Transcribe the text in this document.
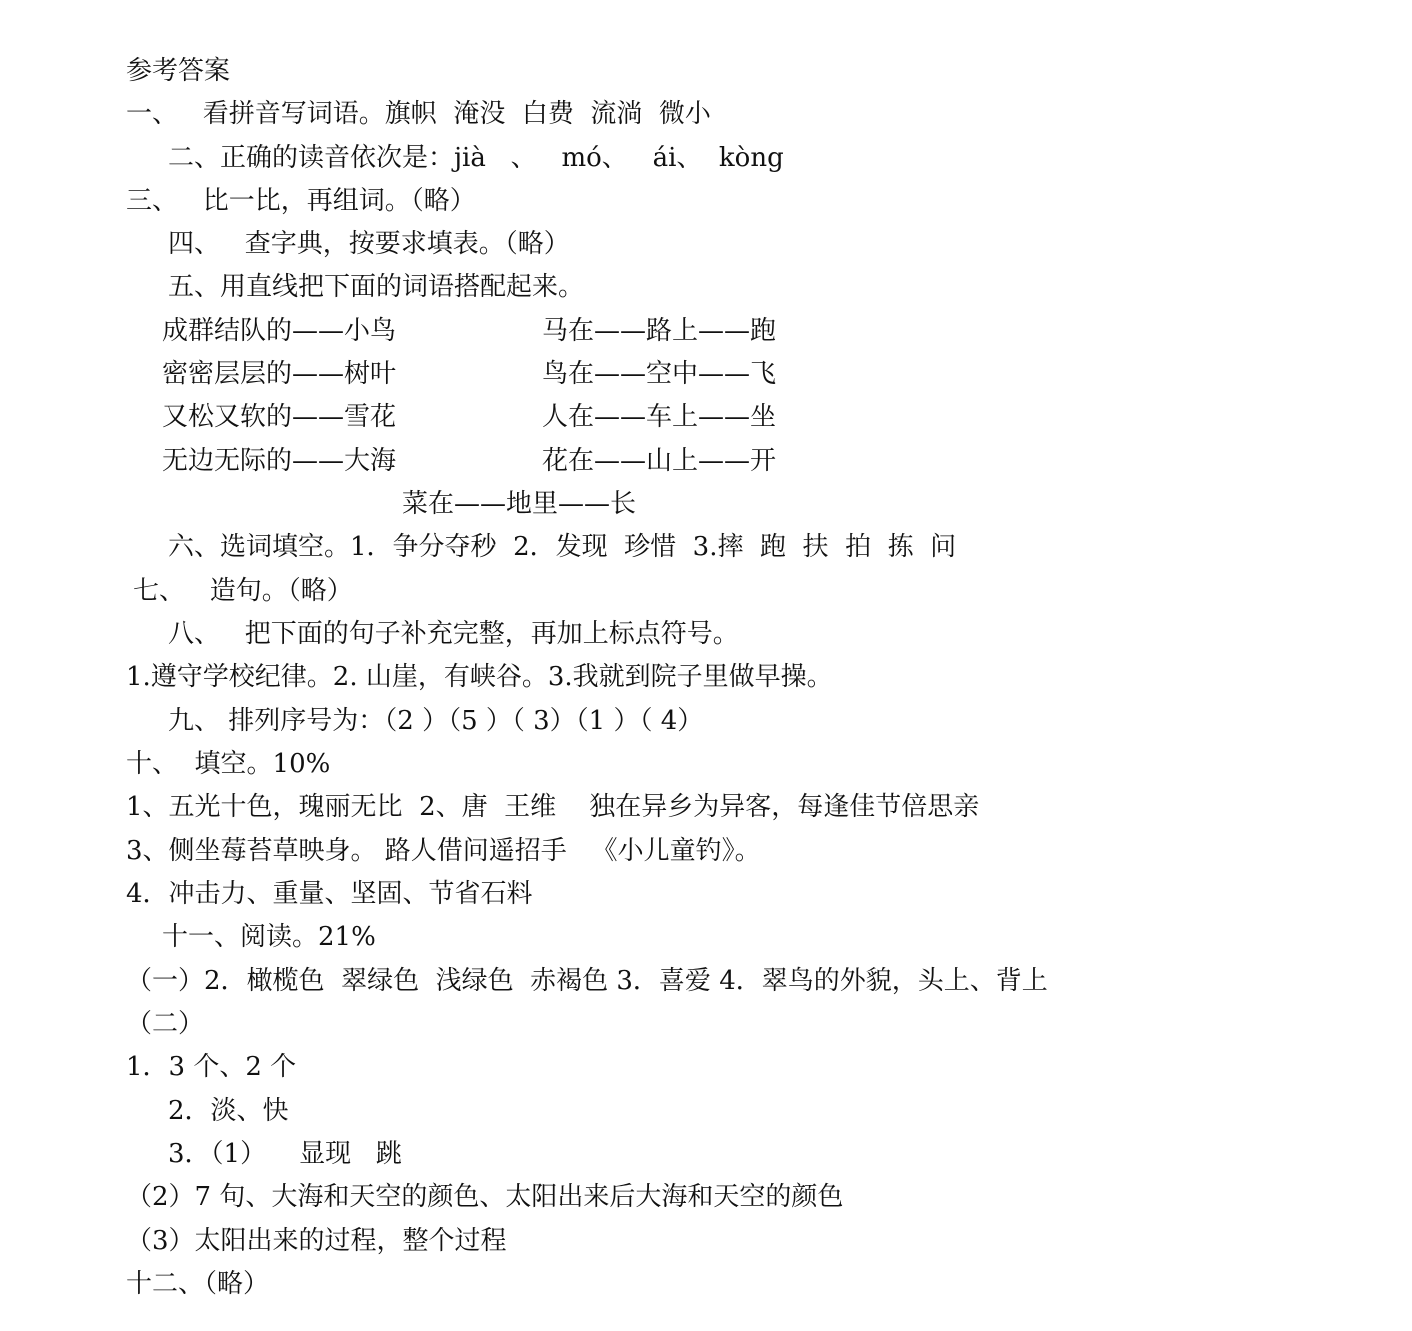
参考答案
一、   看拼音写词语。旗帜  淹没  白费  流淌  微小
二、正确的读音依次是：jià   、   mó、   ái、  kòng
三、   比一比，再组词。（略）
四、   查字典，按要求填表。（略）
五、用直线把下面的词语搭配起来。
成群结队的——小鸟	马在——路上——跑
密密层层的——树叶	鸟在——空中——飞
又松又软的——雪花	人在——车上——坐
无边无际的——大海	花在——山上——开
菜在——地里——长
六、选词填空。1．争分夺秒  2．发现  珍惜  3.摔  跑  扶  拍  拣  问
七、   造句。（略）
八、   把下面的句子补充完整，再加上标点符号。
1.遵守学校纪律。2. 山崖，有峡谷。3.我就到院子里做早操。
九、 排列序号为：（2 ）（5 ）（ 3）（1 ）（ 4）
十、  填空。10%
1、五光十色，瑰丽无比  2、唐  王维    独在异乡为异客，每逢佳节倍思亲
3、侧坐莓苔草映身。 路人借问遥招手   《小儿童钓》。
4．冲击力、重量、坚固、节省石料
十一、阅读。21%
（一）2．橄榄色  翠绿色  浅绿色  赤褐色 3．喜爱 4．翠鸟的外貌，头上、背上
（二）
1．3 个、2 个
2．淡、快
3．（1）    显现   跳
（2）7 句、大海和天空的颜色、太阳出来后大海和天空的颜色
（3）太阳出来的过程，整个过程
十二、（略）
